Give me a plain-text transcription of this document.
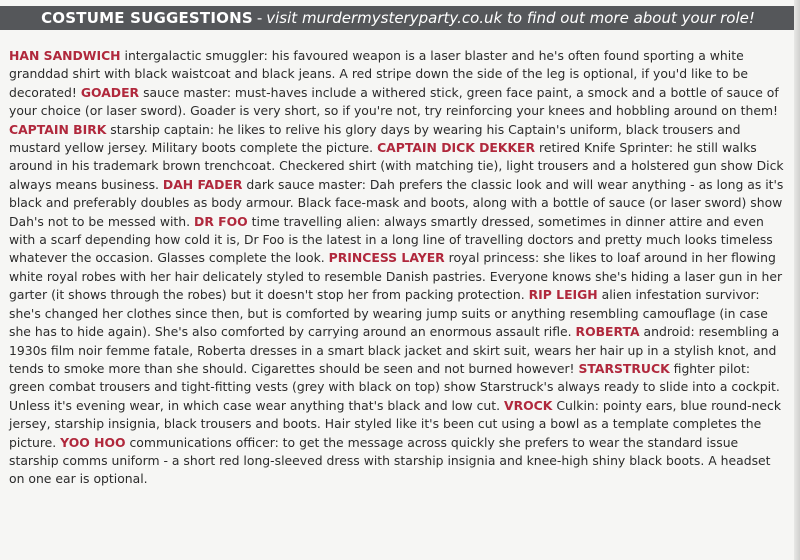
COSTUME SUGGESTIONS - visit murdermysteryparty.co.uk to find out more about your role!
HAN SANDWICH intergalactic smuggler: his favoured weapon is a laser blaster and he's often found sporting a white granddad shirt with black waistcoat and black jeans. A red stripe down the side of the leg is optional, if you'd like to be decorated! GOADER sauce master: must-haves include a withered stick, green face paint, a smock and a bottle of sauce of your choice (or laser sword). Goader is very short, so if you're not, try reinforcing your knees and hobbling around on them! CAPTAIN BIRK starship captain: he likes to relive his glory days by wearing his Captain's uniform, black trousers and mustard yellow jersey. Military boots complete the picture. CAPTAIN DICK DEKKER retired Knife Sprinter: he still walks around in his trademark brown trenchcoat. Checkered shirt (with matching tie), light trousers and a holstered gun show Dick always means business. DAH FADER dark sauce master: Dah prefers the classic look and will wear anything - as long as it's black and preferably doubles as body armour. Black face-mask and boots, along with a bottle of sauce (or laser sword) show Dah's not to be messed with. DR FOO time travelling alien: always smartly dressed, sometimes in dinner attire and even with a scarf depending how cold it is, Dr Foo is the latest in a long line of travelling doctors and pretty much looks timeless whatever the occasion. Glasses complete the look. PRINCESS LAYER royal princess: she likes to loaf around in her flowing white royal robes with her hair delicately styled to resemble Danish pastries. Everyone knows she's hiding a laser gun in her garter (it shows through the robes) but it doesn't stop her from packing protection. RIP LEIGH alien infestation survivor: she's changed her clothes since then, but is comforted by wearing jump suits or anything resembling camouflage (in case she has to hide again). She's also comforted by carrying around an enormous assault rifle. ROBERTA android: resembling a 1930s film noir femme fatale, Roberta dresses in a smart black jacket and skirt suit, wears her hair up in a stylish knot, and tends to smoke more than she should. Cigarettes should be seen and not burned however! STARSTRUCK fighter pilot: green combat trousers and tight-fitting vests (grey with black on top) show Starstruck's always ready to slide into a cockpit. Unless it's evening wear, in which case wear anything that's black and low cut. VROCK Culkin: pointy ears, blue round-neck jersey, starship insignia, black trousers and boots. Hair styled like it's been cut using a bowl as a template completes the picture. YOO HOO communications officer: to get the message across quickly she prefers to wear the standard issue starship comms uniform - a short red long-sleeved dress with starship insignia and knee-high shiny black boots. A headset on one ear is optional.
